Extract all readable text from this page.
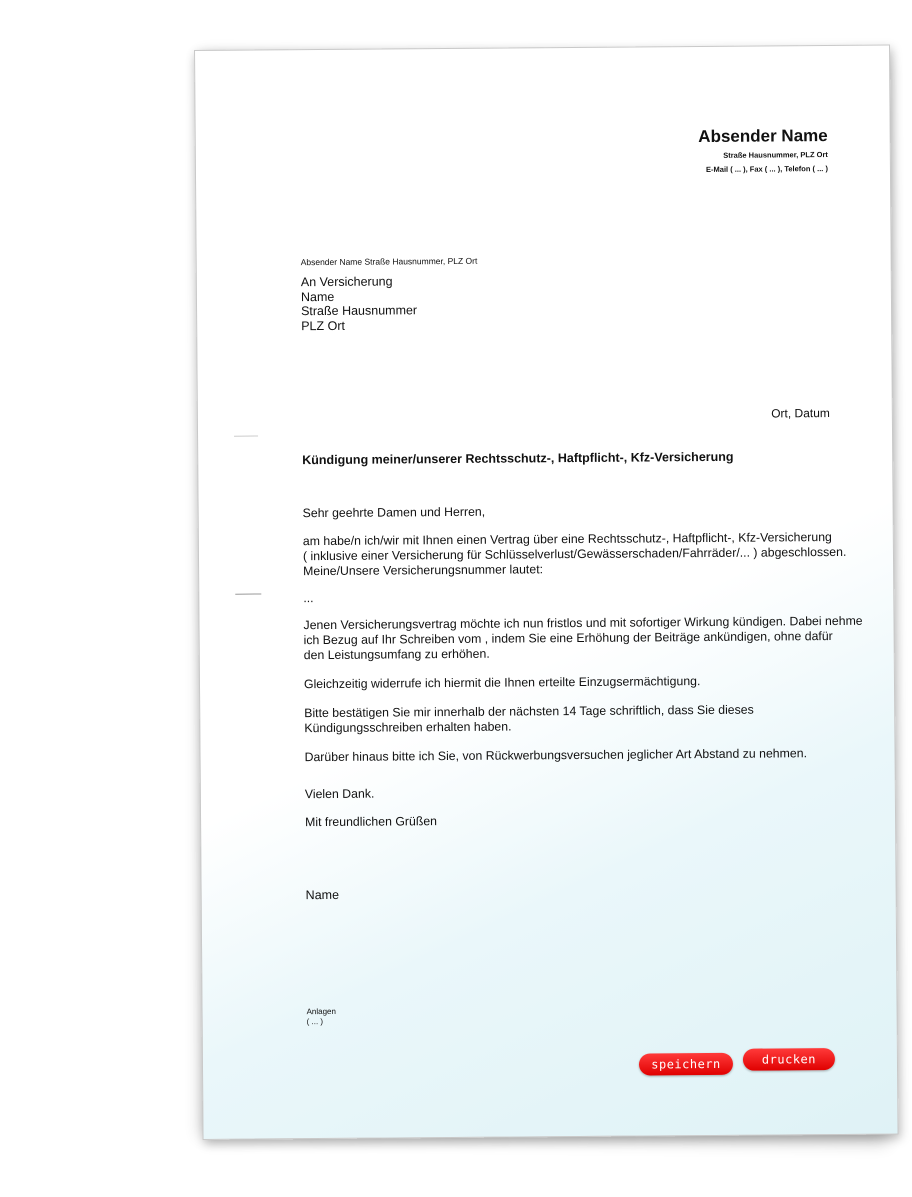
Absender Name
Straße Hausnummer, PLZ Ort
E-Mail ( ... ), Fax ( ... ), Telefon ( ... )
Absender Name Straße Hausnummer, PLZ Ort
An Versicherung
Name
Straße Hausnummer
PLZ Ort
Ort, Datum
Kündigung meiner/unserer Rechtsschutz-, Haftpflicht-, Kfz-Versicherung

Sehr geehrte Damen und Herren,

am habe/n ich/wir mit Ihnen einen Vertrag über eine Rechtsschutz-, Haftpflicht-, Kfz-Versicherung

( inklusive einer Versicherung für Schlüsselverlust/Gewässerschaden/Fahrräder/... ) abgeschlossen.

Meine/Unsere Versicherungsnummer lautet:

...

Jenen Versicherungsvertrag möchte ich nun fristlos und mit sofortiger Wirkung kündigen. Dabei nehme

ich Bezug auf Ihr Schreiben vom , indem Sie eine Erhöhung der Beiträge ankündigen, ohne dafür

den Leistungsumfang zu erhöhen.

Gleichzeitig widerrufe ich hiermit die Ihnen erteilte Einzugsermächtigung.

Bitte bestätigen Sie mir innerhalb der nächsten 14 Tage schriftlich, dass Sie dieses

Kündigungsschreiben erhalten haben.

Darüber hinaus bitte ich Sie, von Rückwerbungsversuchen jeglicher Art Abstand zu nehmen.

Vielen Dank.

Mit freundlichen Grüßen

Name
Anlagen
( ... )
speichern	drucken
